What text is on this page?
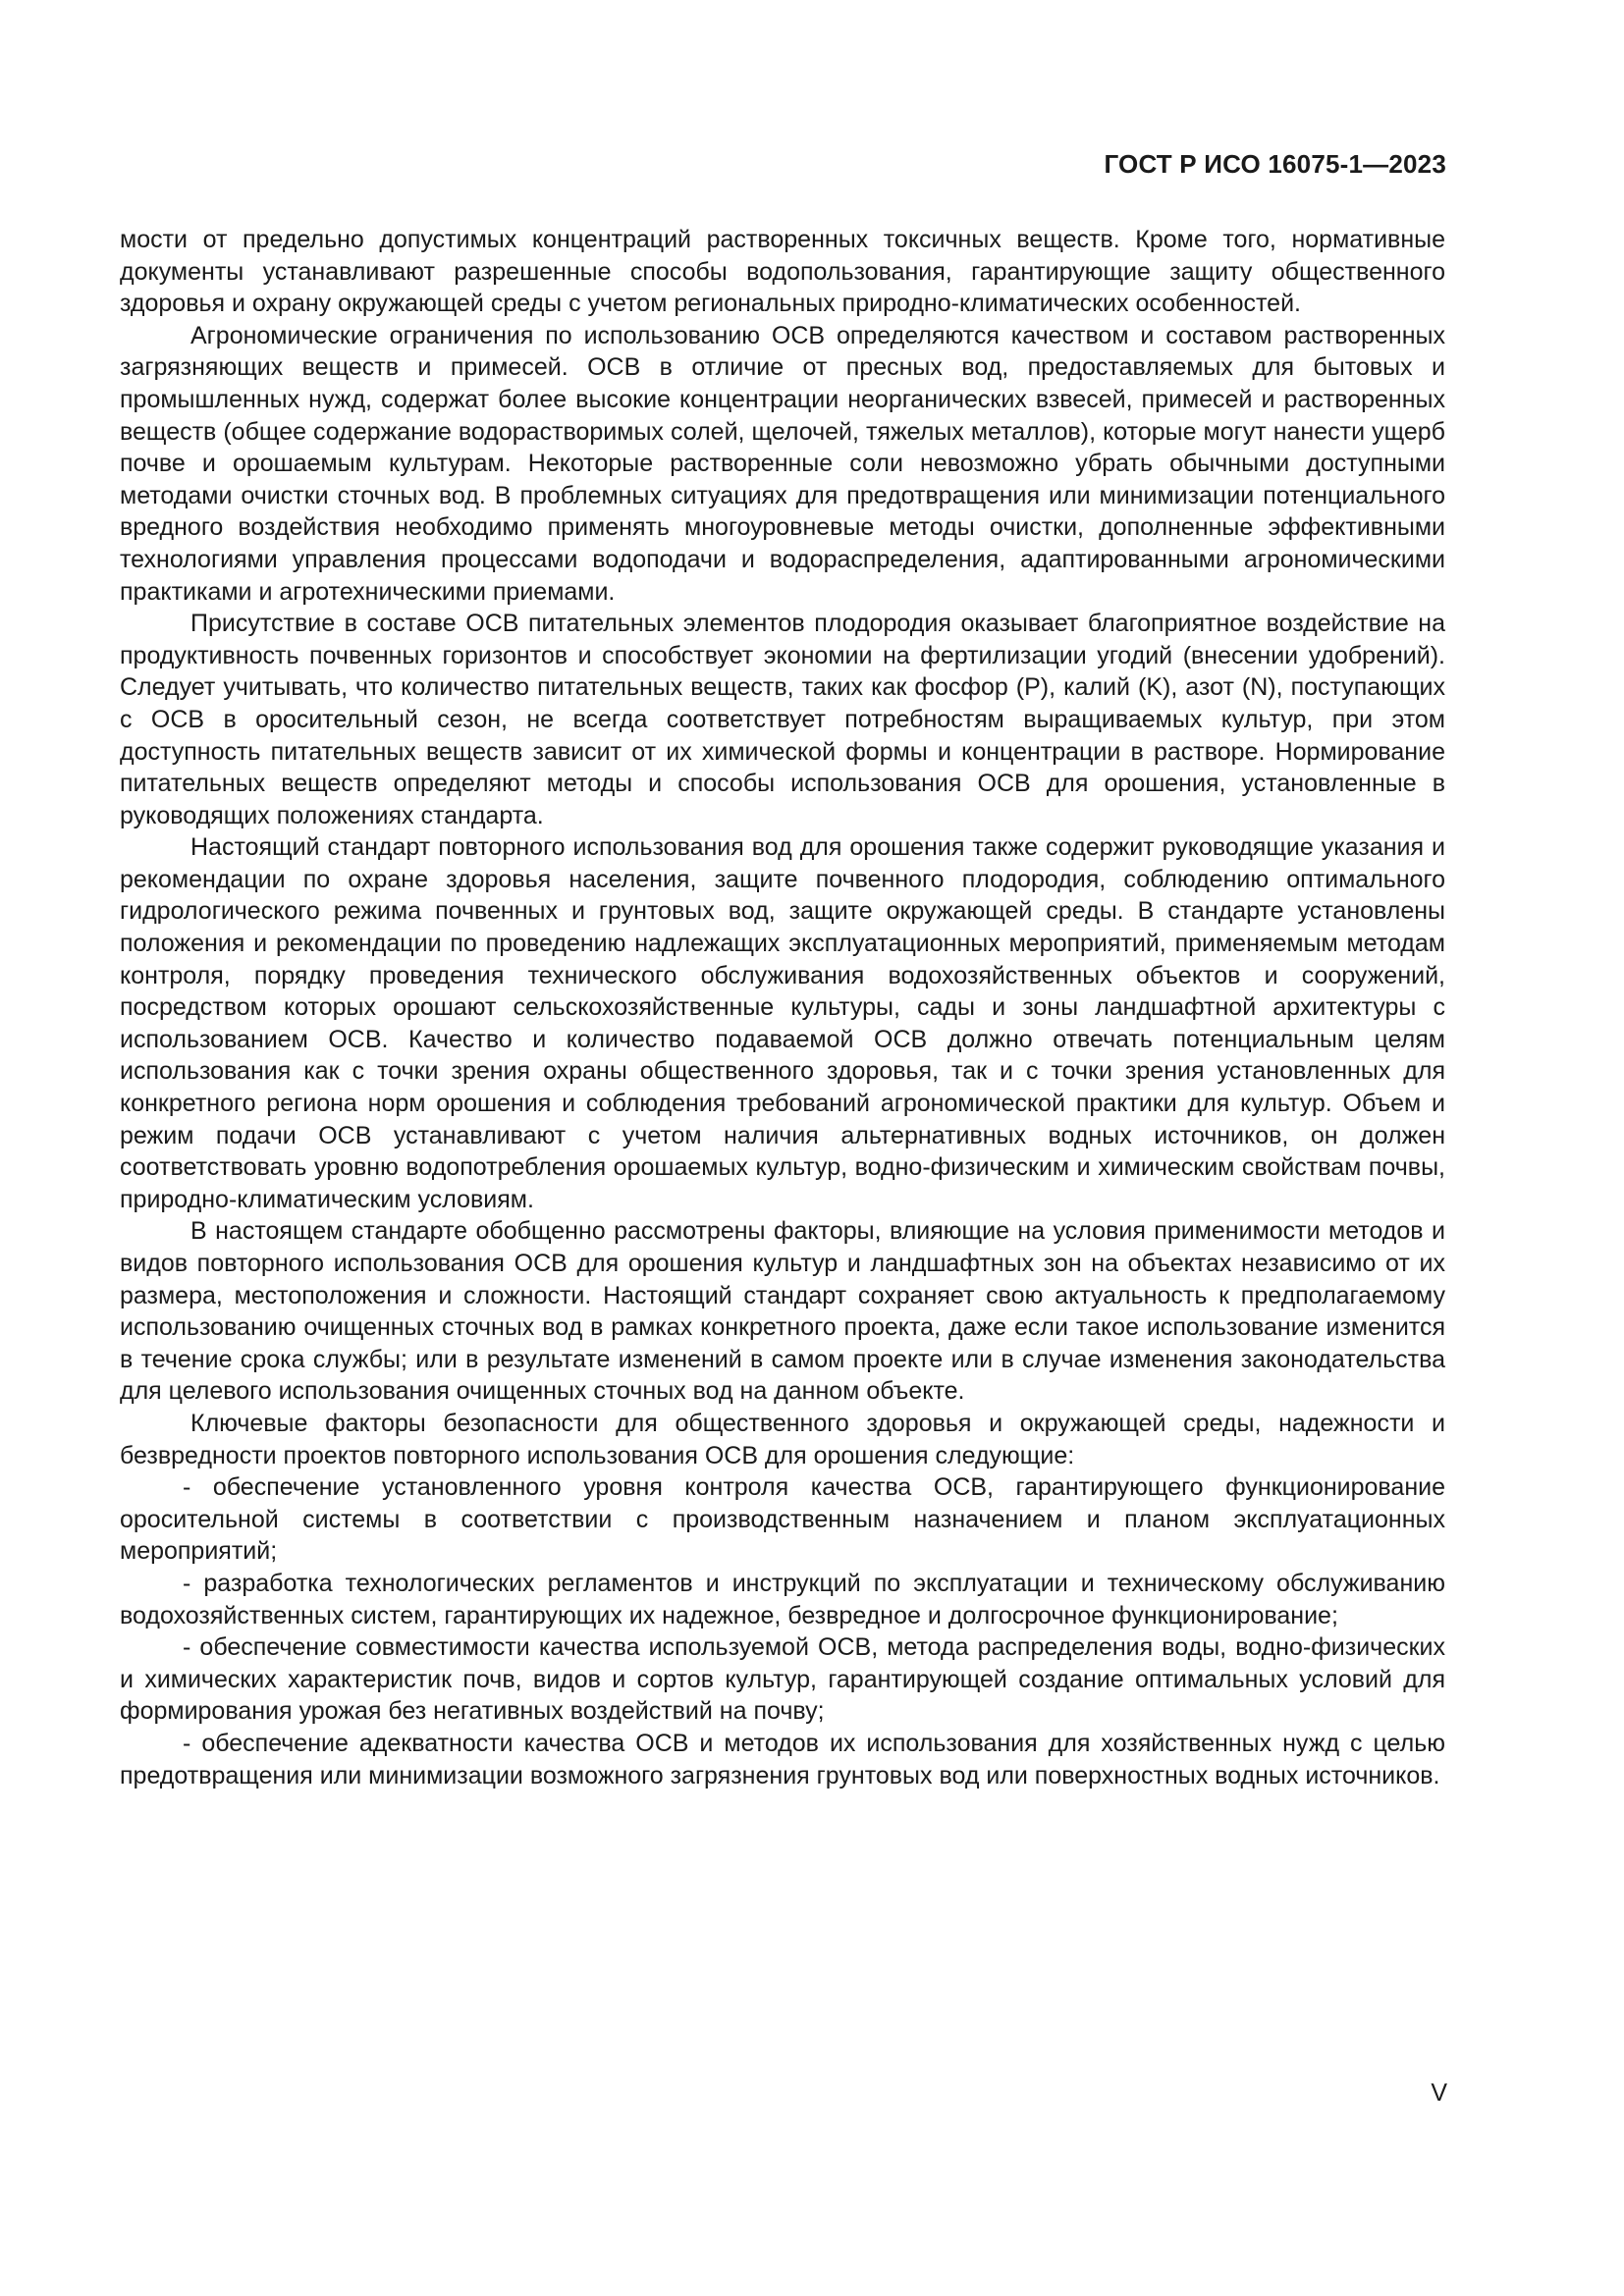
ГОСТ Р ИСО 16075-1—2023

мости от предельно допустимых концентраций растворенных токсичных веществ. Кроме того, нормативные документы устанавливают разрешенные способы водопользования, гарантирующие защиту общественного здоровья и охрану окружающей среды с учетом региональных природно-климатических особенностей.

Агрономические ограничения по использованию ОСВ определяются качеством и составом растворенных загрязняющих веществ и примесей. ОСВ в отличие от пресных вод, предоставляемых для бытовых и промышленных нужд, содержат более высокие концентрации неорганических взвесей, примесей и растворенных веществ (общее содержание водорастворимых солей, щелочей, тяжелых металлов), которые могут нанести ущерб почве и орошаемым культурам. Некоторые растворенные соли невозможно убрать обычными доступными методами очистки сточных вод. В проблемных ситуациях для предотвращения или минимизации потенциального вредного воздействия необходимо применять многоуровневые методы очистки, дополненные эффективными технологиями управления процессами водоподачи и водораспределения, адаптированными агрономическими практиками и агротехническими приемами.

Присутствие в составе ОСВ питательных элементов плодородия оказывает благоприятное воздействие на продуктивность почвенных горизонтов и способствует экономии на фертилизации угодий (внесении удобрений). Следует учитывать, что количество питательных веществ, таких как фосфор (P), калий (K), азот (N), поступающих с ОСВ в оросительный сезон, не всегда соответствует потребностям выращиваемых культур, при этом доступность питательных веществ зависит от их химической формы и концентрации в растворе. Нормирование питательных веществ определяют методы и способы использования ОСВ для орошения, установленные в руководящих положениях стандарта.

Настоящий стандарт повторного использования вод для орошения также содержит руководящие указания и рекомендации по охране здоровья населения, защите почвенного плодородия, соблюдению оптимального гидрологического режима почвенных и грунтовых вод, защите окружающей среды. В стандарте установлены положения и рекомендации по проведению надлежащих эксплуатационных мероприятий, применяемым методам контроля, порядку проведения технического обслуживания водохозяйственных объектов и сооружений, посредством которых орошают сельскохозяйственные культуры, сады и зоны ландшафтной архитектуры с использованием ОСВ. Качество и количество подаваемой ОСВ должно отвечать потенциальным целям использования как с точки зрения охраны общественного здоровья, так и с точки зрения установленных для конкретного региона норм орошения и соблюдения требований агрономической практики для культур. Объем и режим подачи ОСВ устанавливают с учетом наличия альтернативных водных источников, он должен соответствовать уровню водопотребления орошаемых культур, водно-физическим и химическим свойствам почвы, природно-климатическим условиям.

В настоящем стандарте обобщенно рассмотрены факторы, влияющие на условия применимости методов и видов повторного использования ОСВ для орошения культур и ландшафтных зон на объектах независимо от их размера, местоположения и сложности. Настоящий стандарт сохраняет свою актуальность к предполагаемому использованию очищенных сточных вод в рамках конкретного проекта, даже если такое использование изменится в течение срока службы; или в результате изменений в самом проекте или в случае изменения законодательства для целевого использования очищенных сточных вод на данном объекте.

Ключевые факторы безопасности для общественного здоровья и окружающей среды, надежности и безвредности проектов повторного использования ОСВ для орошения следующие:

- обеспечение установленного уровня контроля качества ОСВ, гарантирующего функционирование оросительной системы в соответствии с производственным назначением и планом эксплуатационных мероприятий;

- разработка технологических регламентов и инструкций по эксплуатации и техническому обслуживанию водохозяйственных систем, гарантирующих их надежное, безвредное и долгосрочное функционирование;

- обеспечение совместимости качества используемой ОСВ, метода распределения воды, водно-физических и химических характеристик почв, видов и сортов культур, гарантирующей создание оптимальных условий для формирования урожая без негативных воздействий на почву;

- обеспечение адекватности качества ОСВ и методов их использования для хозяйственных нужд с целью предотвращения или минимизации возможного загрязнения грунтовых вод или поверхностных водных источников.

V
